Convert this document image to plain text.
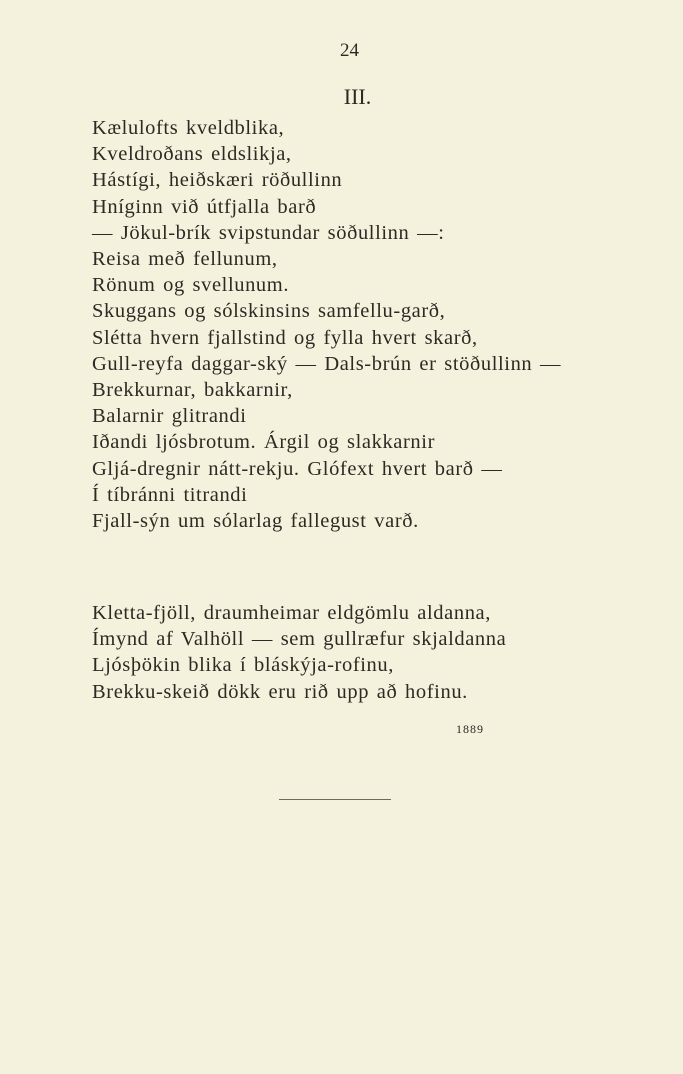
24
III.
Kælulofts kveldblika,
Kveldroðans eldslikja,
Hástígi, heiðskæri röðullinn
Hníginn við útfjalla barð
— Jökul-brík svipstundar söðullinn —:
Reisa með fellunum,
Rönum og svellunum.
Skuggans og sólskinsins samfellu-garð,
Slétta hvern fjallstind og fylla hvert skarð,
Gull-reyfa daggar-ský — Dals-brún er stöðullinn —
Brekkurnar, bakkarnir,
Balarnir glitrandi
Iðandi ljósbrotum. Árgil og slakkarnir
Gljá-dregnir nátt-rekju. Glófext hvert barð —
Í tíbránni titrandi
Fjall-sýn um sólarlag fallegust varð.
Kletta-fjöll, draumheimar eldgömlu aldanna,
Ímynd af Valhöll — sem gullræfur skjaldanna
Ljósþökin blika í bláskýja-rofinu,
Brekku-skeið dökk eru rið upp að hofinu.
1889
